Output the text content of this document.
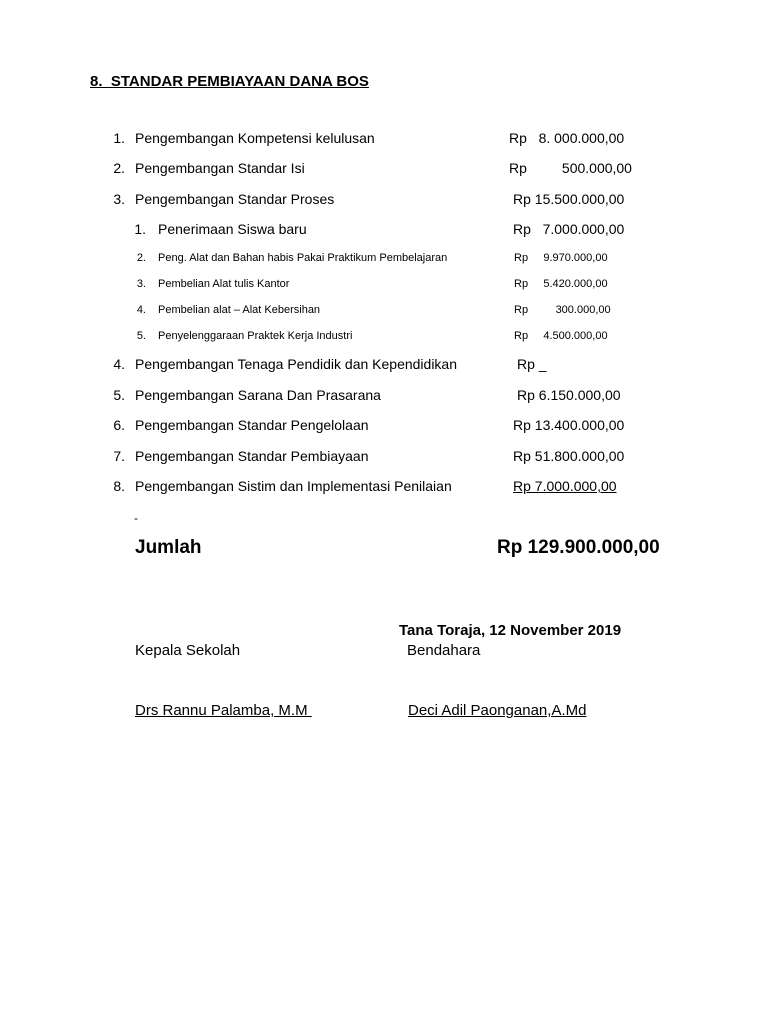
8.  STANDAR PEMBIAYAAN DANA BOS
1. Pengembangan Kompetensi kelulusan	Rp   8. 000.000,00
2. Pengembangan Standar Isi	Rp         500.000,00
3. Pengembangan Standar Proses	Rp 15.500.000,00
1. Penerimaan Siswa baru	Rp   7.000.000,00
2. Peng. Alat dan Bahan habis Pakai Praktikum Pembelajaran	Rp     9.970.000,00
3. Pembelian Alat tulis Kantor	Rp     5.420.000,00
4. Pembelian alat – Alat Kebersihan	Rp         300.000,00
5. Penyelenggaraan Praktek Kerja Industri	Rp     4.500.000,00
4. Pengembangan Tenaga Pendidik dan Kependidikan	Rp _
5. Pengembangan Sarana Dan Prasarana	Rp 6.150.000,00
6. Pengembangan Standar Pengelolaan	Rp 13.400.000,00
7. Pengembangan Standar Pembiayaan	Rp 51.800.000,00
8. Pengembangan Sistim dan Implementasi Penilaian	Rp 7.000.000,00
-
Jumlah	Rp 129.900.000,00
Tana Toraja, 12 November 2019
Kepala Sekolah	Bendahara
Drs Rannu Palamba, M.M	Deci Adil Paonganan,A.Md
